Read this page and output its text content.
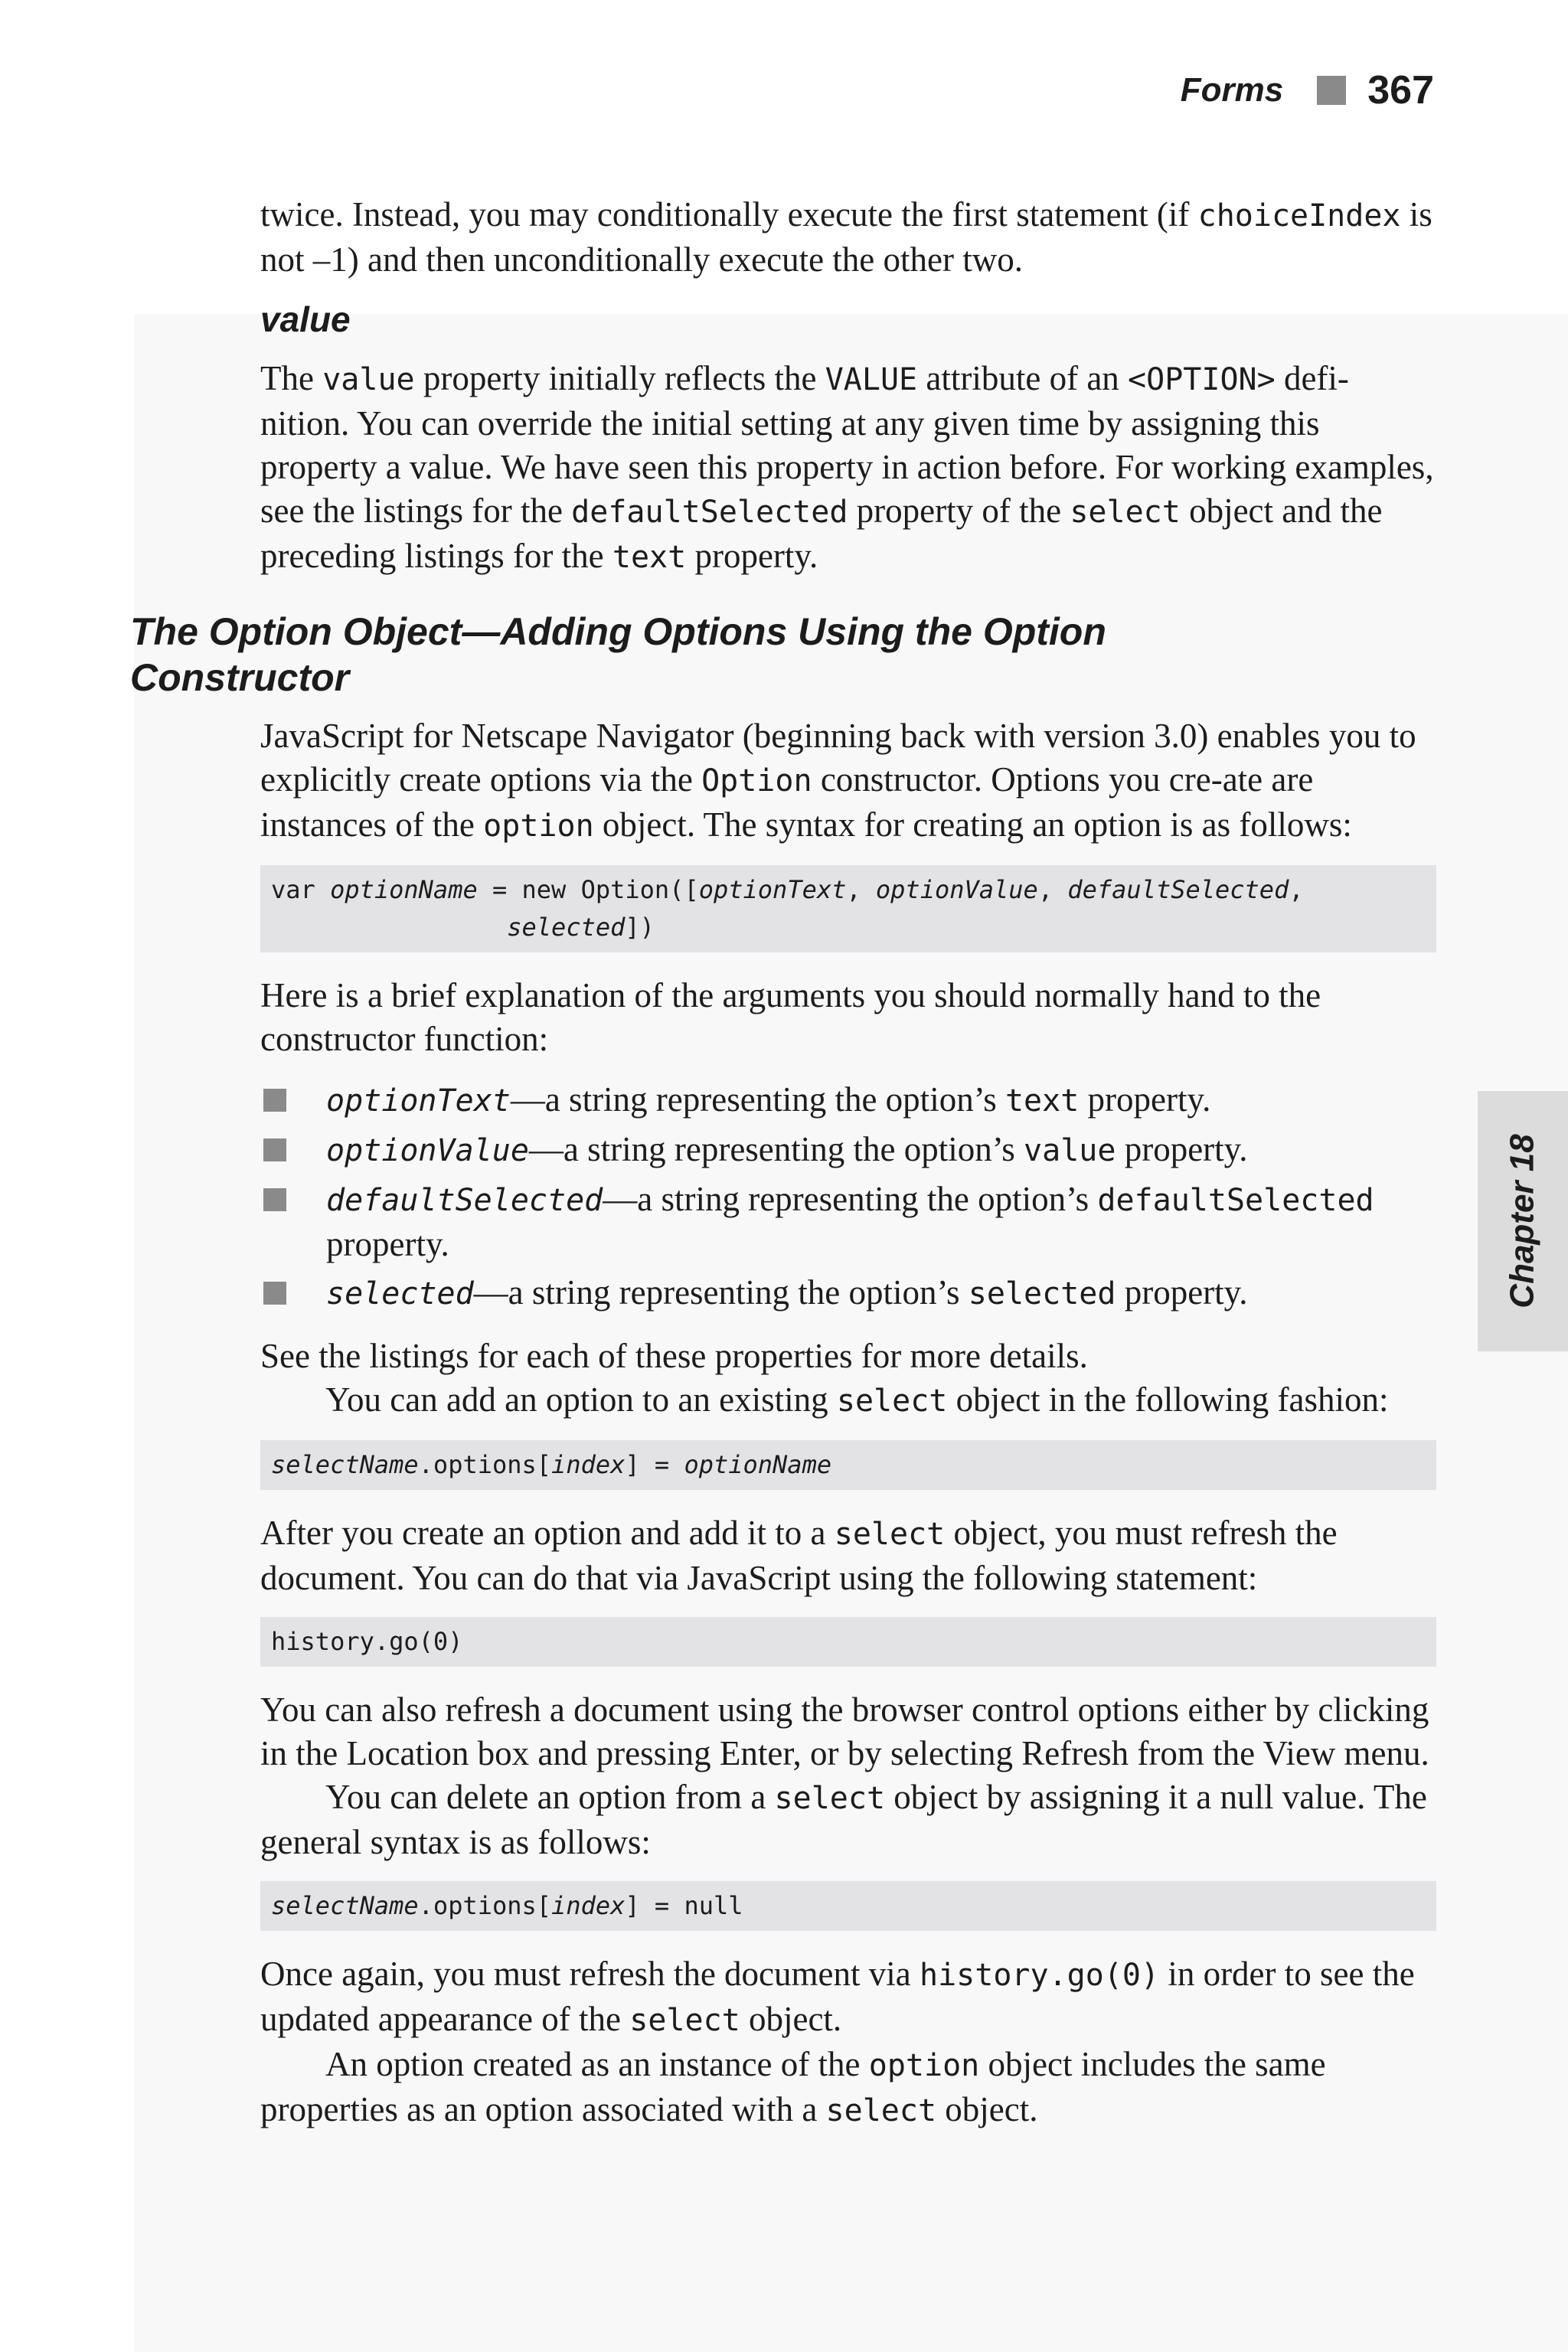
Forms 367
Chapter 18

twice. Instead, you may conditionally execute the first statement (if choiceIndex is not –1) and then unconditionally execute the other two.

value

The value property initially reflects the VALUE attribute of an <OPTION> defi-nition. You can override the initial setting at any given time by assigning this property a value. We have seen this property in action before. For working examples, see the listings for the defaultSelected property of the select object and the preceding listings for the text property.

The Option Object—Adding Options Using the Option
Constructor

JavaScript for Netscape Navigator (beginning back with version 3.0) enables you to explicitly create options via the Option constructor. Options you cre-ate are instances of the option object. The syntax for creating an option is as follows:

var optionName = new Option([optionText, optionValue, defaultSelected,
selected])

Here is a brief explanation of the arguments you should normally hand to the constructor function:

optionText—a string representing the option’s text property.
optionValue—a string representing the option’s value property.
defaultSelected—a string representing the option’s defaultSelected property.
selected—a string representing the option’s selected property.

See the listings for each of these properties for more details.

You can add an option to an existing select object in the following fashion:

selectName.options[index] = optionName

After you create an option and add it to a select object, you must refresh the document. You can do that via JavaScript using the following statement:

history.go(0)

You can also refresh a document using the browser control options either by clicking in the Location box and pressing Enter, or by selecting Refresh from the View menu.

You can delete an option from a select object by assigning it a null value. The general syntax is as follows:

selectName.options[index] = null

Once again, you must refresh the document via history.go(0) in order to see the updated appearance of the select object.

An option created as an instance of the option object includes the same properties as an option associated with a select object.
